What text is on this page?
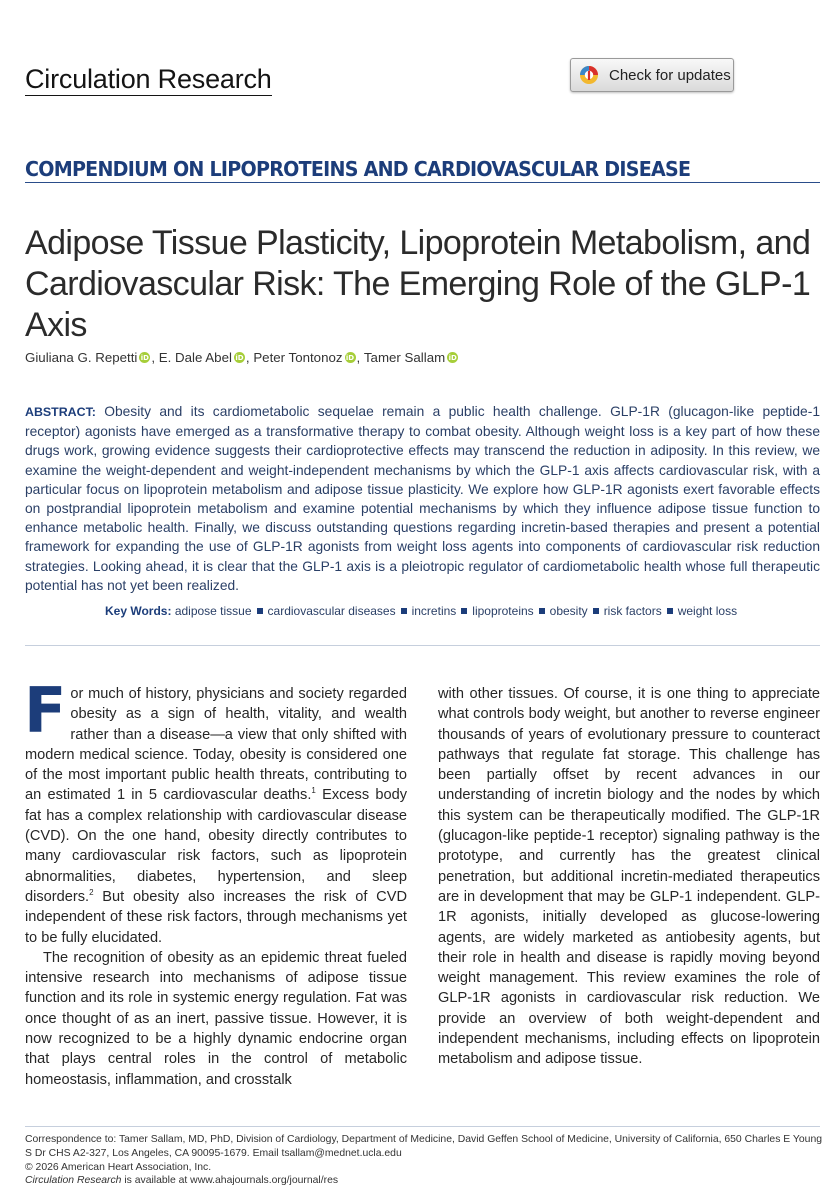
Circulation Research	Check for updates
COMPENDIUM ON LIPOPROTEINS AND CARDIOVASCULAR DISEASE
Adipose Tissue Plasticity, Lipoprotein Metabolism, and Cardiovascular Risk: The Emerging Role of the GLP-1 Axis
Giuliana G. Repetti iD , E. Dale Abel iD , Peter Tontonoz iD , Tamer Sallam iD
ABSTRACT: Obesity and its cardiometabolic sequelae remain a public health challenge. GLP-1R (glucagon-like peptide-1 receptor) agonists have emerged as a transformative therapy to combat obesity. Although weight loss is a key part of how these drugs work, growing evidence suggests their cardioprotective effects may transcend the reduction in adiposity. In this review, we examine the weight-dependent and weight-independent mechanisms by which the GLP-1 axis affects cardiovascular risk, with a particular focus on lipoprotein metabolism and adipose tissue plasticity. We explore how GLP-1R agonists exert favorable effects on postprandial lipoprotein metabolism and examine potential mechanisms by which they influence adipose tissue function to enhance metabolic health. Finally, we discuss outstanding questions regarding incretin-based therapies and present a potential framework for expanding the use of GLP-1R agonists from weight loss agents into components of cardiovascular risk reduction strategies. Looking ahead, it is clear that the GLP-1 axis is a pleiotropic regulator of cardiometabolic health whose full therapeutic potential has not yet been realized.
Key Words: adipose tissue cardiovascular diseases incretins lipoproteins obesity risk factors weight loss

For much of history, physicians and society regarded obesity as a sign of health, vitality, and wealth rather than a disease—a view that only shifted with modern medical science. Today, obesity is considered one of the most important public health threats, contributing to an estimated 1 in 5 cardiovascular deaths.$^1$ Excess body fat has a complex relationship with cardiovascular disease (CVD). On the one hand, obesity directly contributes to many cardiovascular risk factors, such as lipoprotein abnormalities, diabetes, hypertension, and sleep disorders.$^2$ But obesity also increases the risk of CVD independent of these risk factors, through mechanisms yet to be fully elucidated.

The recognition of obesity as an epidemic threat fueled intensive research into mechanisms of adipose tissue function and its role in systemic energy regulation. Fat was once thought of as an inert, passive tissue. However, it is now recognized to be a highly dynamic endocrine organ that plays central roles in the control of metabolic homeostasis, inflammation, and crosstalk

with other tissues. Of course, it is one thing to appreciate what controls body weight, but another to reverse engineer thousands of years of evolutionary pressure to counteract pathways that regulate fat storage. This challenge has been partially offset by recent advances in our understanding of incretin biology and the nodes by which this system can be therapeutically modified. The GLP-1R (glucagon-like peptide-1 receptor) signaling pathway is the prototype, and currently has the greatest clinical penetration, but additional incretin-mediated therapeutics are in development that may be GLP-1 independent. GLP-1R agonists, initially developed as glucose-lowering agents, are widely marketed as antiobesity agents, but their role in health and disease is rapidly moving beyond weight management. This review examines the role of GLP-1R agonists in cardiovascular risk reduction. We provide an overview of both weight-dependent and independent mechanisms, including effects on lipoprotein metabolism and adipose tissue.

Correspondence to: Tamer Sallam, MD, PhD, Division of Cardiology, Department of Medicine, David Geffen School of Medicine, University of California, 650 Charles E Young S Dr CHS A2-327, Los Angeles, CA 90095-1679. Email tsallam@mednet.ucla.edu
© 2026 American Heart Association, Inc.
Circulation Research is available at www.ahajournals.org/journal/res
